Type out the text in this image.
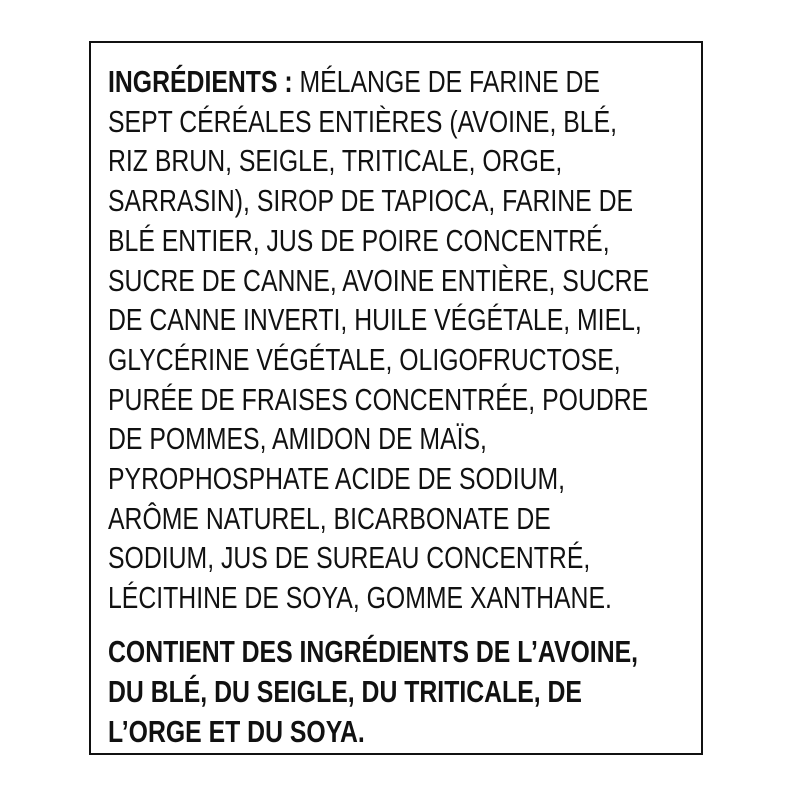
INGRÉDIENTS : MÉLANGE DE FARINE DE
SEPT CÉRÉALES ENTIÈRES (AVOINE, BLÉ,
RIZ BRUN, SEIGLE, TRITICALE, ORGE,
SARRASIN), SIROP DE TAPIOCA, FARINE DE
BLÉ ENTIER, JUS DE POIRE CONCENTRÉ,
SUCRE DE CANNE, AVOINE ENTIÈRE, SUCRE
DE CANNE INVERTI, HUILE VÉGÉTALE, MIEL,
GLYCÉRINE VÉGÉTALE, OLIGOFRUCTOSE,
PURÉE DE FRAISES CONCENTRÉE, POUDRE
DE POMMES, AMIDON DE MAÏS,
PYROPHOSPHATE ACIDE DE SODIUM,
ARÔME NATUREL, BICARBONATE DE
SODIUM, JUS DE SUREAU CONCENTRÉ,
LÉCITHINE DE SOYA, GOMME XANTHANE.

CONTIENT DES INGRÉDIENTS DE L’AVOINE,
DU BLÉ, DU SEIGLE, DU TRITICALE, DE
L’ORGE ET DU SOYA.
